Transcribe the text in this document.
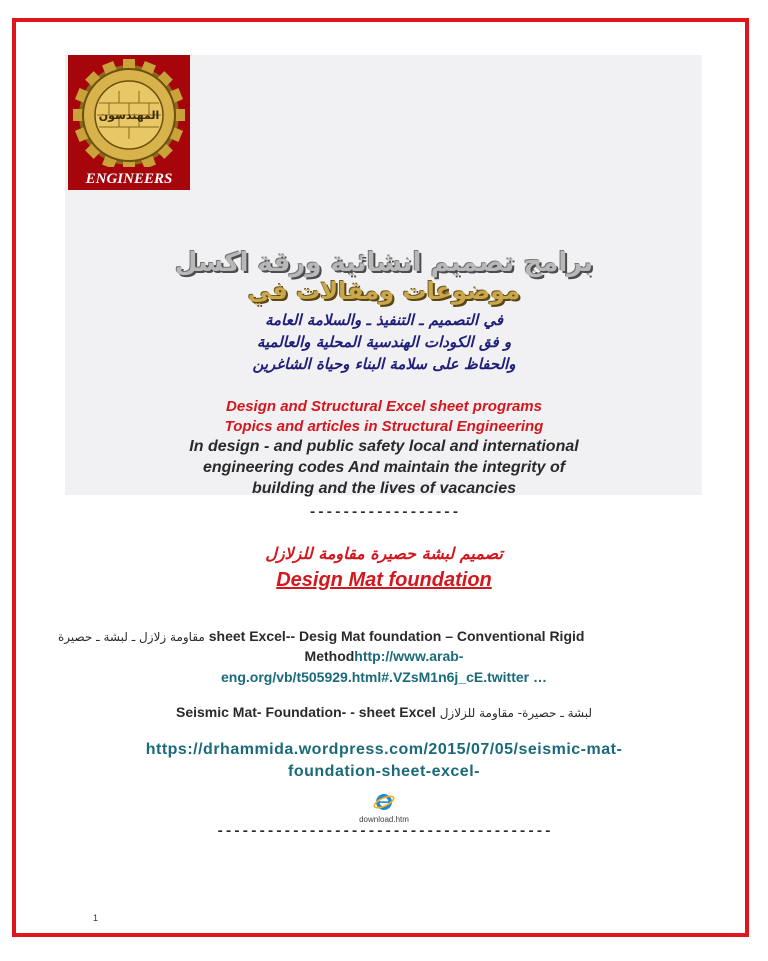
ENGINEERS
المهندسون
برامج تصميم انشائية ورقة اكسل
موضوعات ومقالات في
في التصميم ـ التنفيذ ـ والسلامة العامة
و فق الكودات الهندسية المحلية والعالمية
والحفاظ على سلامة البناء وحياة الشاغرين
Design and Structural Excel sheet programs
Topics and articles in Structural Engineering
In design - and public safety local and international
engineering codes And maintain the integrity of
building and the lives of vacancies
------------------
تصميم لبشة حصيرة مقاومة للزلازل
Design Mat foundation
مقاومة زلازل ـ لبشة ـ حصيرة sheet Excel-- Desig Mat foundation – Conventional Rigid
Methodhttp://www.arab-
eng.org/vb/t505929.html#.VZsM1n6j_cE.twitter …
Seismic Mat- Foundation- - sheet Excel لبشة ـ حصيرة- مقاومة للزلازل
https://drhammida.wordpress.com/2015/07/05/seismic-mat-
foundation-sheet-excel-
download.htm
----------------------------------------
1
